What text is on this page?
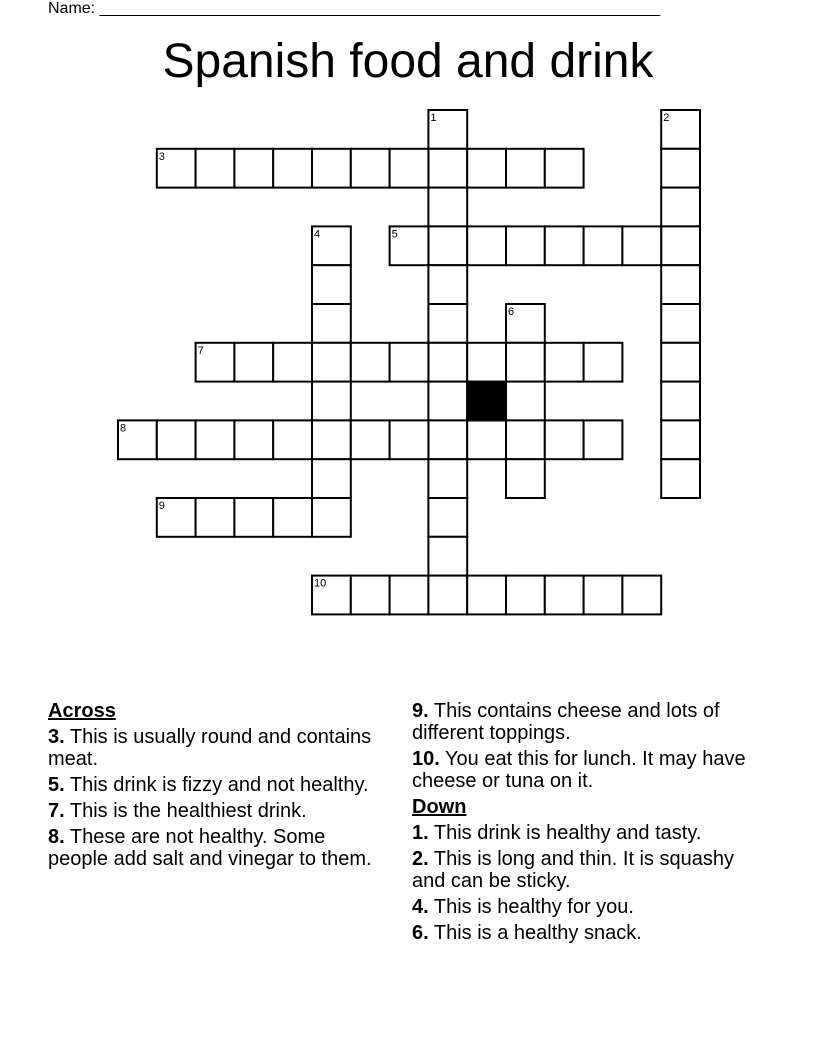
Name: _______________________________________________________________
Spanish food and drink
1	2
3
4	5
6
7
8
9
10
Across
3. This is usually round and contains meat.
5. This drink is fizzy and not healthy.
7. This is the healthiest drink.
8. These are not healthy. Some people add salt and vinegar to them.
9. This contains cheese and lots of different toppings.
10. You eat this for lunch. It may have cheese or tuna on it.
Down
1. This drink is healthy and tasty.
2. This is long and thin. It is squashy and can be sticky.
4. This is healthy for you.
6. This is a healthy snack.
